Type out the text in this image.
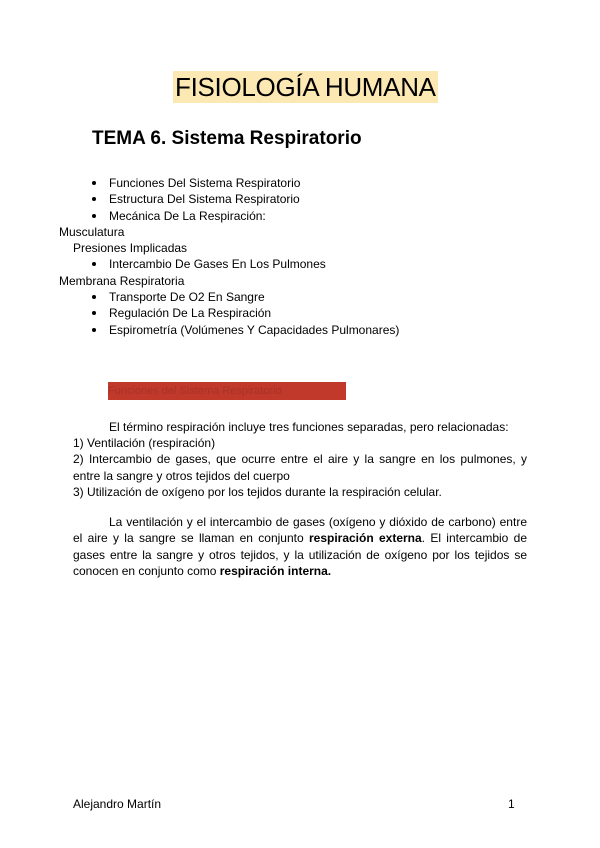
FISIOLOGÍA HUMANA
TEMA 6. Sistema Respiratorio
Funciones Del Sistema Respiratorio
Estructura Del Sistema Respiratorio
Mecánica De La Respiración:
Musculatura
Presiones Implicadas
Intercambio De Gases En Los Pulmones
Membrana Respiratoria
Transporte De O2 En Sangre
Regulación De La Respiración
Espirometría (Volúmenes Y Capacidades Pulmonares)
Funciones del Sistema Respiratorio
El término respiración incluye tres funciones separadas, pero relacionadas:
1) Ventilación (respiración)
2) Intercambio de gases, que ocurre entre el aire y la sangre en los pulmones, y entre la sangre y otros tejidos del cuerpo
3) Utilización de oxígeno por los tejidos durante la respiración celular.
La ventilación y el intercambio de gases (oxígeno y dióxido de carbono) entre el aire y la sangre se llaman en conjunto respiración externa. El intercambio de gases entre la sangre y otros tejidos, y la utilización de oxígeno por los tejidos se conocen en conjunto como respiración interna.
Alejandro Martín	1
